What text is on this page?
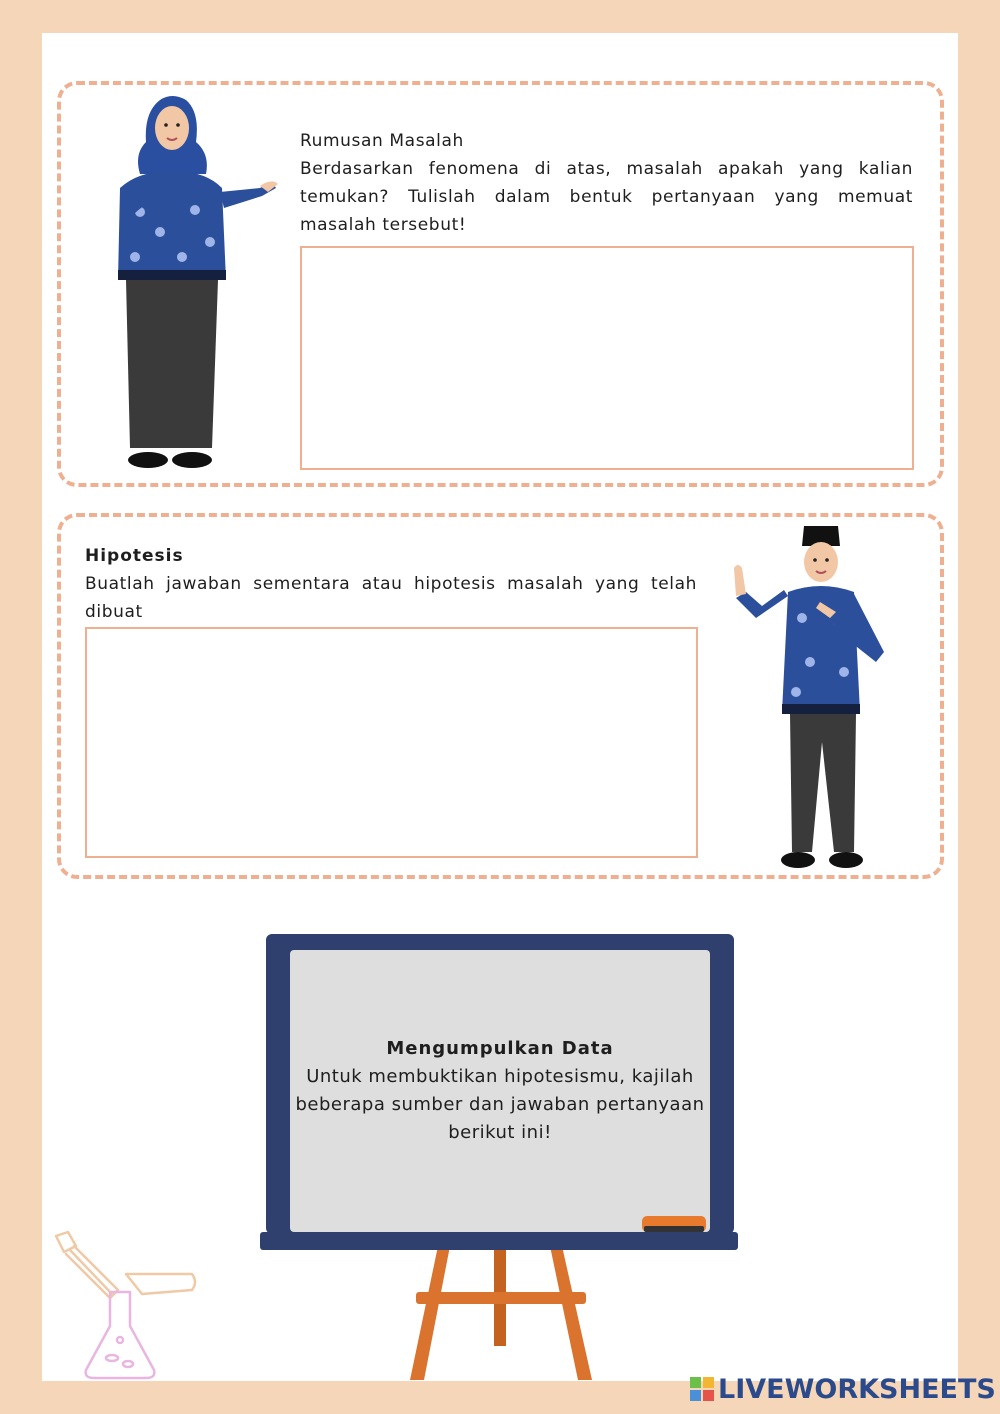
Rumusan Masalah
Berdasarkan fenomena di atas, masalah apakah yang kalian temukan? Tulislah dalam bentuk pertanyaan yang memuat masalah tersebut!
Hipotesis
Buatlah jawaban sementara atau hipotesis masalah yang telah dibuat
Mengumpulkan Data
Untuk membuktikan hipotesismu, kajilah beberapa sumber dan jawaban pertanyaan berikut ini!
LIVEWORKSHEETS
